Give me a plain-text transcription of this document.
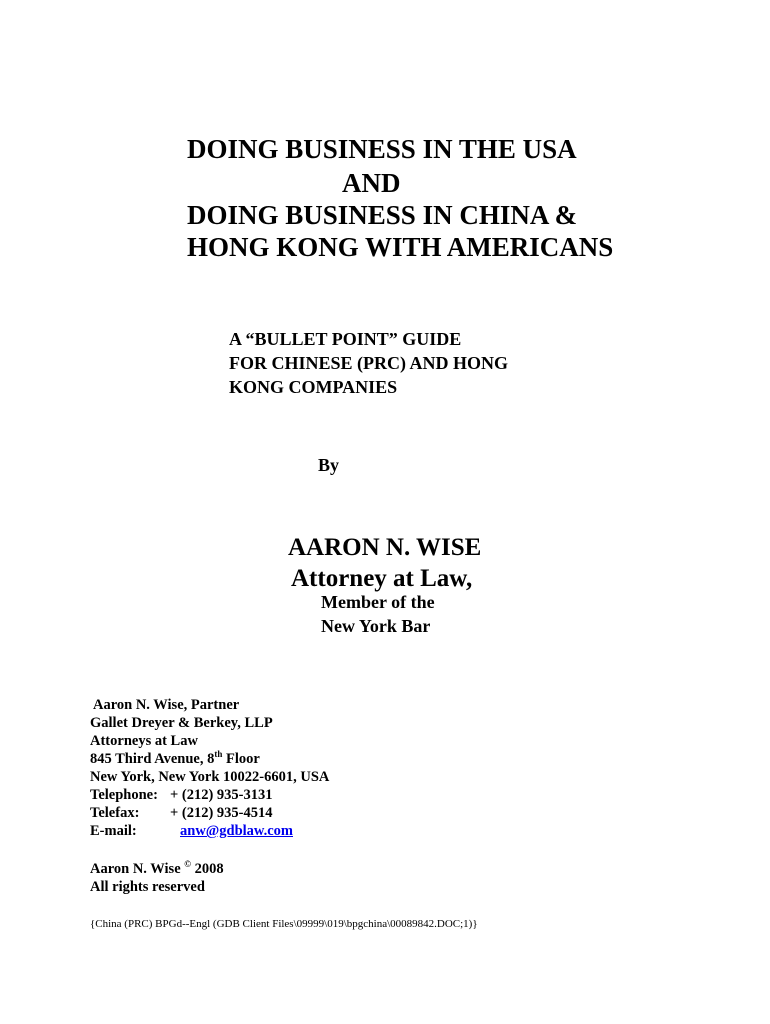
DOING BUSINESS IN THE USA
AND
DOING BUSINESS IN CHINA &
HONG KONG WITH AMERICANS
A “BULLET POINT” GUIDE
FOR CHINESE (PRC) AND HONG
KONG COMPANIES
By
AARON N. WISE
Attorney at Law,
Member of the
New York Bar
Aaron N. Wise, Partner
Gallet Dreyer & Berkey, LLP
Attorneys at Law
845 Third Avenue, 8th Floor
New York, New York 10022-6601, USA
Telephone: + (212) 935-3131
Telefax: + (212) 935-4514
E-mail:	anw@gdblaw.com
Aaron N. Wise © 2008
All rights reserved
{China (PRC) BPGd--Engl (GDB Client Files\09999\019\bpgchina\00089842.DOC;1)}
